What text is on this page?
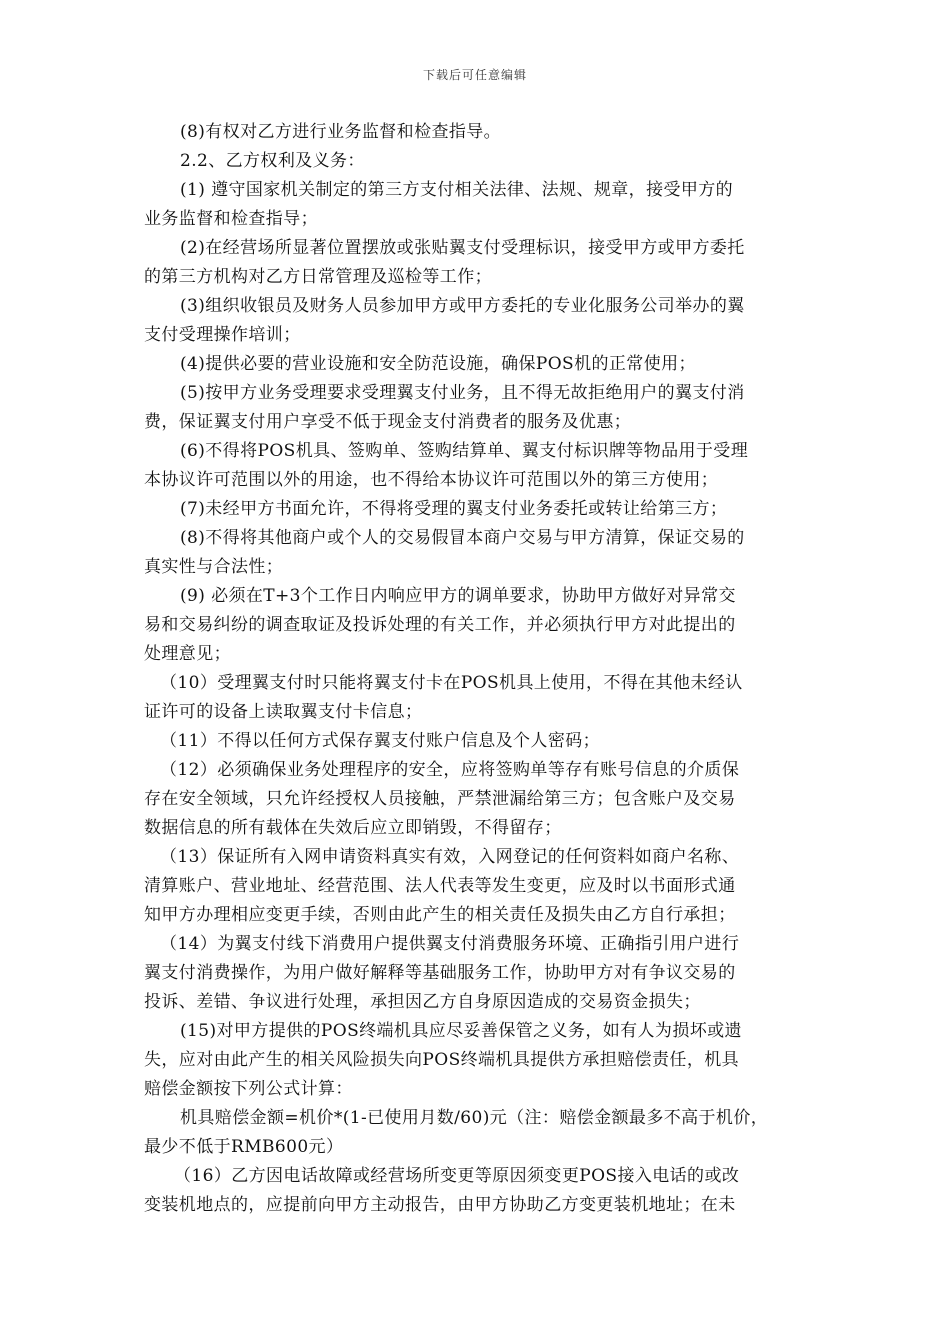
下载后可任意编辑
(8)有权对乙方进行业务监督和检查指导。
2.2、乙方权利及义务：
(1) 遵守国家机关制定的第三方支付相关法律、法规、规章，接受甲方的
业务监督和检查指导；
(2)在经营场所显著位置摆放或张贴翼支付受理标识，接受甲方或甲方委托
的第三方机构对乙方日常管理及巡检等工作；
(3)组织收银员及财务人员参加甲方或甲方委托的专业化服务公司举办的翼
支付受理操作培训；
(4)提供必要的营业设施和安全防范设施，确保POS机的正常使用；
(5)按甲方业务受理要求受理翼支付业务，且不得无故拒绝用户的翼支付消
费，保证翼支付用户享受不低于现金支付消费者的服务及优惠；
(6)不得将POS机具、签购单、签购结算单、翼支付标识牌等物品用于受理
本协议许可范围以外的用途，也不得给本协议许可范围以外的第三方使用；
(7)未经甲方书面允许，不得将受理的翼支付业务委托或转让给第三方；
(8)不得将其他商户或个人的交易假冒本商户交易与甲方清算，保证交易的
真实性与合法性；
(9) 必须在T+3个工作日内响应甲方的调单要求，协助甲方做好对异常交
易和交易纠纷的调查取证及投诉处理的有关工作，并必须执行甲方对此提出的
处理意见；
（10）受理翼支付时只能将翼支付卡在POS机具上使用，不得在其他未经认
证许可的设备上读取翼支付卡信息；
（11）不得以任何方式保存翼支付账户信息及个人密码；
（12）必须确保业务处理程序的安全，应将签购单等存有账号信息的介质保
存在安全领域，只允许经授权人员接触，严禁泄漏给第三方；包含账户及交易
数据信息的所有载体在失效后应立即销毁，不得留存；
（13）保证所有入网申请资料真实有效，入网登记的任何资料如商户名称、
清算账户、营业地址、经营范围、法人代表等发生变更，应及时以书面形式通
知甲方办理相应变更手续，否则由此产生的相关责任及损失由乙方自行承担；
（14）为翼支付线下消费用户提供翼支付消费服务环境、正确指引用户进行
翼支付消费操作，为用户做好解释等基础服务工作，协助甲方对有争议交易的
投诉、差错、争议进行处理，承担因乙方自身原因造成的交易资金损失；
(15)对甲方提供的POS终端机具应尽妥善保管之义务，如有人为损坏或遗
失，应对由此产生的相关风险损失向POS终端机具提供方承担赔偿责任，机具
赔偿金额按下列公式计算：
机具赔偿金额=机价*(1-已使用月数/60)元（注：赔偿金额最多不高于机价，
最少不低于RMB600元）
（16）乙方因电话故障或经营场所变更等原因须变更POS接入电话的或改
变装机地点的，应提前向甲方主动报告，由甲方协助乙方变更装机地址；在未
